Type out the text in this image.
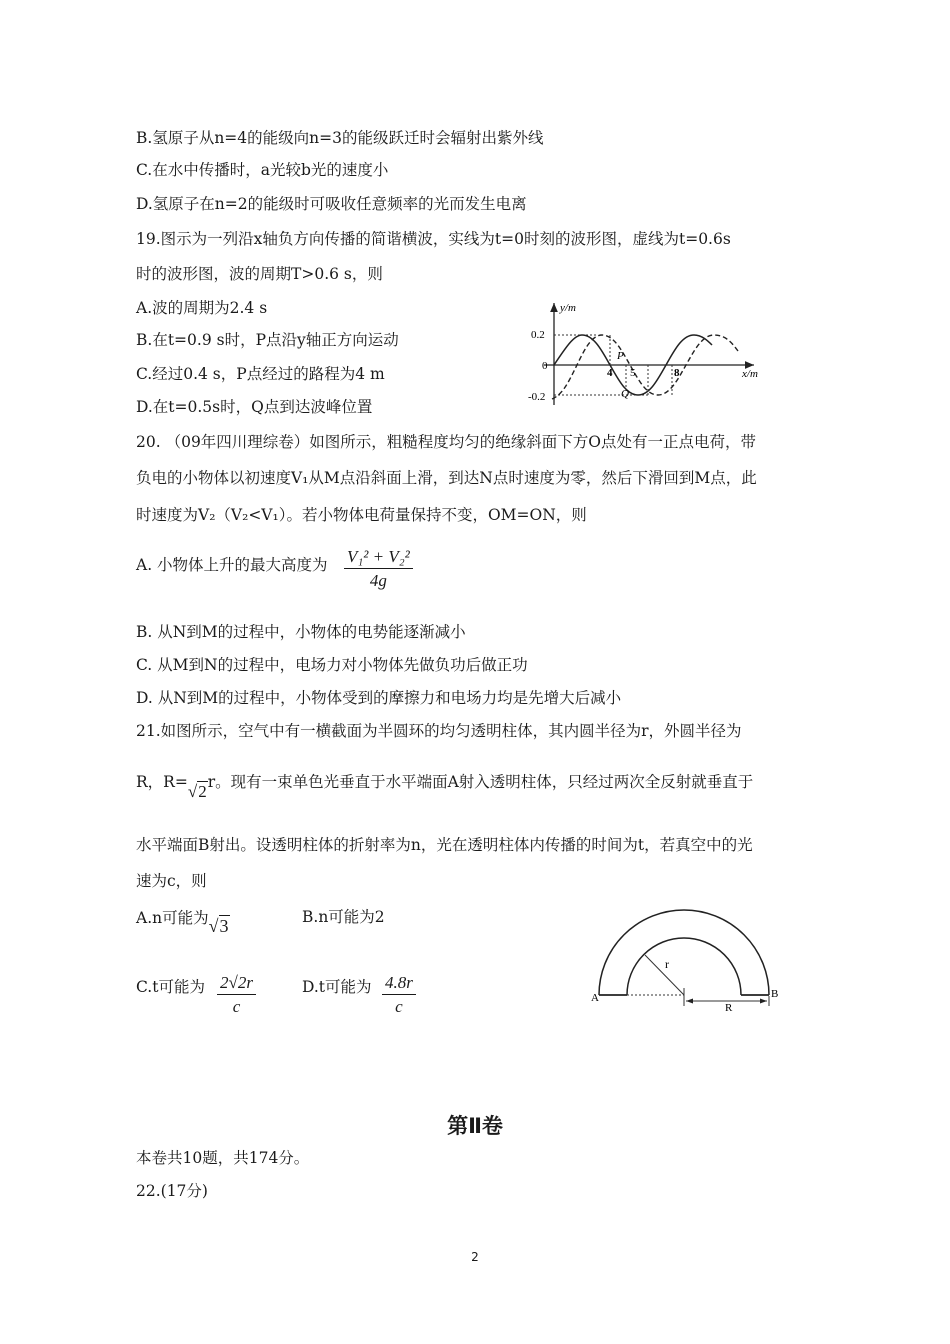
B.氢原子从n=4的能级向n=3的能级跃迁时会辐射出紫外线
C.在水中传播时，a光较b光的速度小
D.氢原子在n=2的能级时可吸收任意频率的光而发生电离
19.图示为一列沿x轴负方向传播的简谐横波，实线为t=0时刻的波形图，虚线为t=0.6s
时的波形图，波的周期T>0.6 s，则
A.波的周期为2.4 s
B.在t=0.9 s时，P点沿y轴正方向运动
C.经过0.4 s，P点经过的路程为4 m
D.在t=0.5s时，Q点到达波峰位置
y/m
x/m
0.2
0
-0.2
4 5	8
P
Q
20. （09年四川理综卷）如图所示，粗糙程度均匀的绝缘斜面下方O点处有一正点电荷，带
负电的小物体以初速度V₁从M点沿斜面上滑，到达N点时速度为零，然后下滑回到M点，此
时速度为V₂（V₂<V₁）。若小物体电荷量保持不变，OM=ON，则
A. 小物体上升的最大高度为 $\frac{\text{V₁² + V₂²}}{4g}$
B. 从N到M的过程中，小物体的电势能逐渐减小
C. 从M到N的过程中，电场力对小物体先做负功后做正功
D. 从N到M的过程中，小物体受到的摩擦力和电场力均是先增大后减小
21.如图所示，空气中有一横截面为半圆环的均匀透明柱体，其内圆半径为r，外圆半径为
R，R=√2r。现有一束单色光垂直于水平端面A射入透明柱体，只经过两次全反射就垂直于
水平端面B射出。设透明柱体的折射率为n，光在透明柱体内传播的时间为t，若真空中的光
速为c，则
A.n可能为√3	B.n可能为2
C.t可能为 $\frac{2√2r}{c}$	D.t可能为 $\frac{4.8r}{c}$
r
R
A	B
第Ⅱ卷
本卷共10题，共174分。
22.(17分)
2
